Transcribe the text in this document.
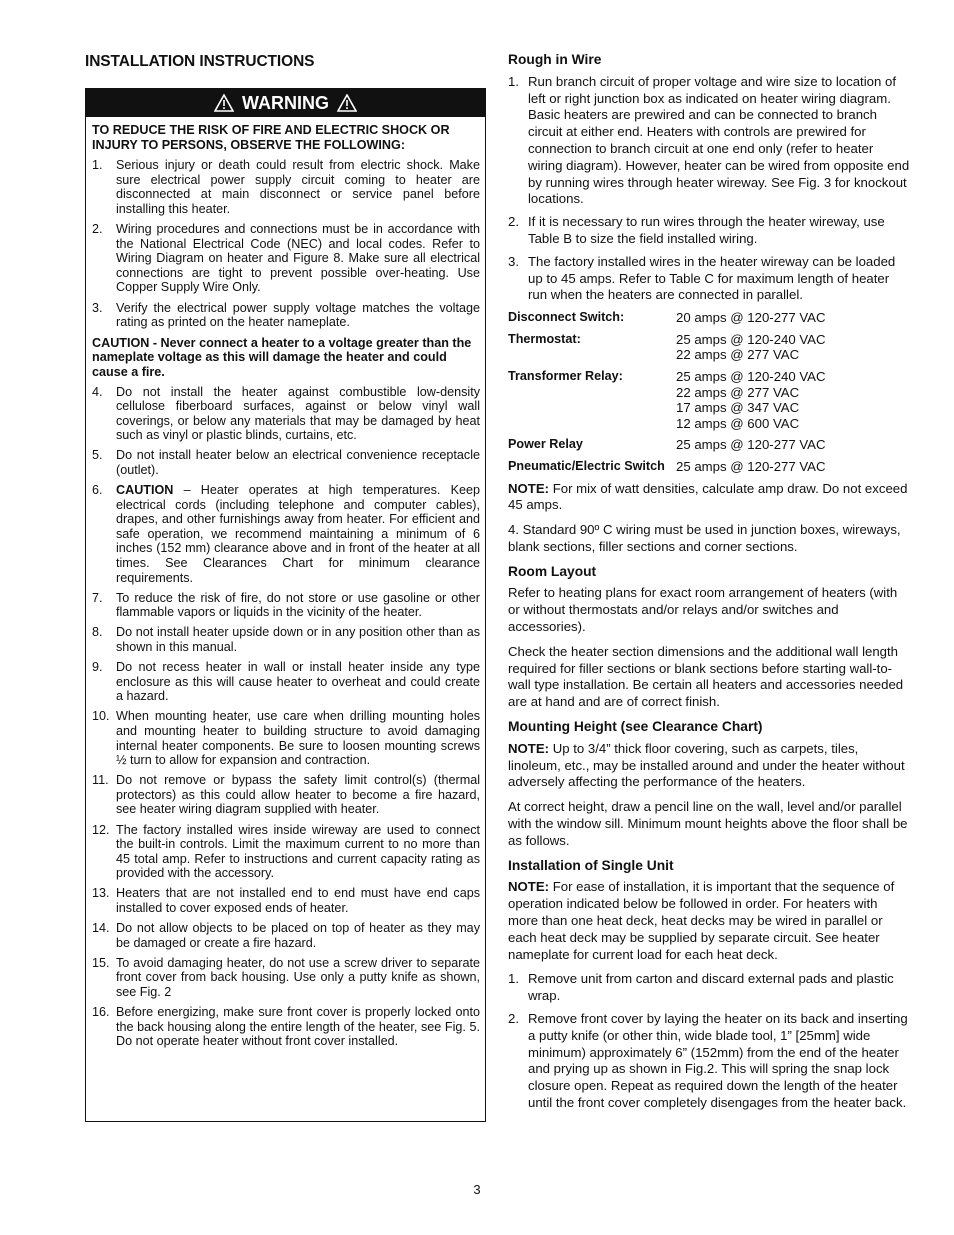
INSTALLATION INSTRUCTIONS
WARNING
TO REDUCE THE RISK OF FIRE AND ELECTRIC SHOCK OR INJURY TO PERSONS, OBSERVE THE FOLLOWING:
1.	Serious injury or death could result from electric shock. Make sure electrical power supply circuit coming to heater are disconnected at main disconnect or service panel before installing this heater.
2.	Wiring procedures and connections must be in accordance with the National Electrical Code (NEC) and local codes. Refer to Wiring Diagram on heater and Figure 8. Make sure all electrical connections are tight to prevent possible over-heating. Use Copper Supply Wire Only.
3.	Verify the electrical power supply voltage matches the voltage rating as printed on the heater nameplate.
CAUTION - Never connect a heater to a voltage greater than the nameplate voltage as this will damage the heater and could cause a fire.
4.	Do not install the heater against combustible low-density cellulose fiberboard surfaces, against or below vinyl wall coverings, or below any materials that may be damaged by heat such as vinyl or plastic blinds, curtains, etc.
5.	Do not install heater below an electrical convenience receptacle (outlet).
6.	CAUTION – Heater operates at high temperatures. Keep electrical cords (including telephone and computer cables), drapes, and other furnishings away from heater. For efficient and safe operation, we recommend maintaining a minimum of 6 inches (152 mm) clearance above and in front of the heater at all times. See Clearances Chart for minimum clearance requirements.
7.	To reduce the risk of fire, do not store or use gasoline or other flammable vapors or liquids in the vicinity of the heater.
8.	Do not install heater upside down or in any position other than as shown in this manual.
9.	Do not recess heater in wall or install heater inside any type enclosure as this will cause heater to overheat and could create a hazard.
10. When mounting heater, use care when drilling mounting holes and mounting heater to building structure to avoid damaging internal heater components. Be sure to loosen mounting screws ½ turn to allow for expansion and contraction.
11. Do not remove or bypass the safety limit control(s) (thermal protectors) as this could allow heater to become a fire hazard, see heater wiring diagram supplied with heater.
12. The factory installed wires inside wireway are used to connect the built-in controls. Limit the maximum current to no more than 45 total amp. Refer to instructions and current capacity rating as provided with the accessory.
13. Heaters that are not installed end to end must have end caps installed to cover exposed ends of heater.
14. Do not allow objects to be placed on top of heater as they may be damaged or create a fire hazard.
15. To avoid damaging heater, do not use a screw driver to separate front cover from back housing. Use only a putty knife as shown, see Fig. 2
16. Before energizing, make sure front cover is properly locked onto the back housing along the entire length of the heater, see Fig. 5. Do not operate heater without front cover installed.
Rough in Wire
1. Run branch circuit of proper voltage and wire size to location of left or right junction box as indicated on heater wiring diagram. Basic heaters are prewired and can be connected to branch circuit at either end. Heaters with controls are prewired for connection to branch circuit at one end only (refer to heater wiring diagram). However, heater can be wired from opposite end by running wires through heater wireway. See Fig. 3 for knockout locations.
2. If it is necessary to run wires through the heater wireway, use Table B to size the field installed wiring.
3. The factory installed wires in the heater wireway can be loaded up to 45 amps. Refer to Table C for maximum length of heater run when the heaters are connected in parallel.
Disconnect Switch:	20 amps @ 120-277 VAC
Thermostat:	25 amps @ 120-240 VAC
22 amps @ 277 VAC
Transformer Relay:	25 amps @ 120-240 VAC
22 amps @ 277 VAC
17 amps @ 347 VAC
12 amps @ 600 VAC
Power Relay	25 amps @ 120-277 VAC
Pneumatic/Electric Switch 25 amps @ 120-277 VAC

NOTE: For mix of watt densities, calculate amp draw. Do not exceed 45 amps.

4. Standard 90º C wiring must be used in junction boxes, wireways, blank sections, filler sections and corner sections.

Room Layout

Refer to heating plans for exact room arrangement of heaters (with or without thermostats and/or relays and/or switches and accessories).

Check the heater section dimensions and the additional wall length required for filler sections or blank sections before starting wall-to-wall type installation. Be certain all heaters and accessories needed are at hand and are of correct finish.

Mounting Height (see Clearance Chart)

NOTE: Up to 3/4” thick floor covering, such as carpets, tiles, linoleum, etc., may be installed around and under the heater without adversely affecting the performance of the heaters.

At correct height, draw a pencil line on the wall, level and/or parallel with the window sill. Minimum mount heights above the floor shall be as follows.

Installation of Single Unit

NOTE: For ease of installation, it is important that the sequence of operation indicated below be followed in order. For heaters with more than one heat deck, heat decks may be wired in parallel or each heat deck may be supplied by separate circuit. See heater nameplate for current load for each heat deck.

1. Remove unit from carton and discard external pads and plastic wrap.
2. Remove front cover by laying the heater on its back and inserting a putty knife (or other thin, wide blade tool, 1” [25mm] wide minimum) approximately 6” (152mm) from the end of the heater and prying up as shown in Fig.2. This will spring the snap lock closure open. Repeat as required down the length of the heater until the front cover completely disengages from the heater back.
3
